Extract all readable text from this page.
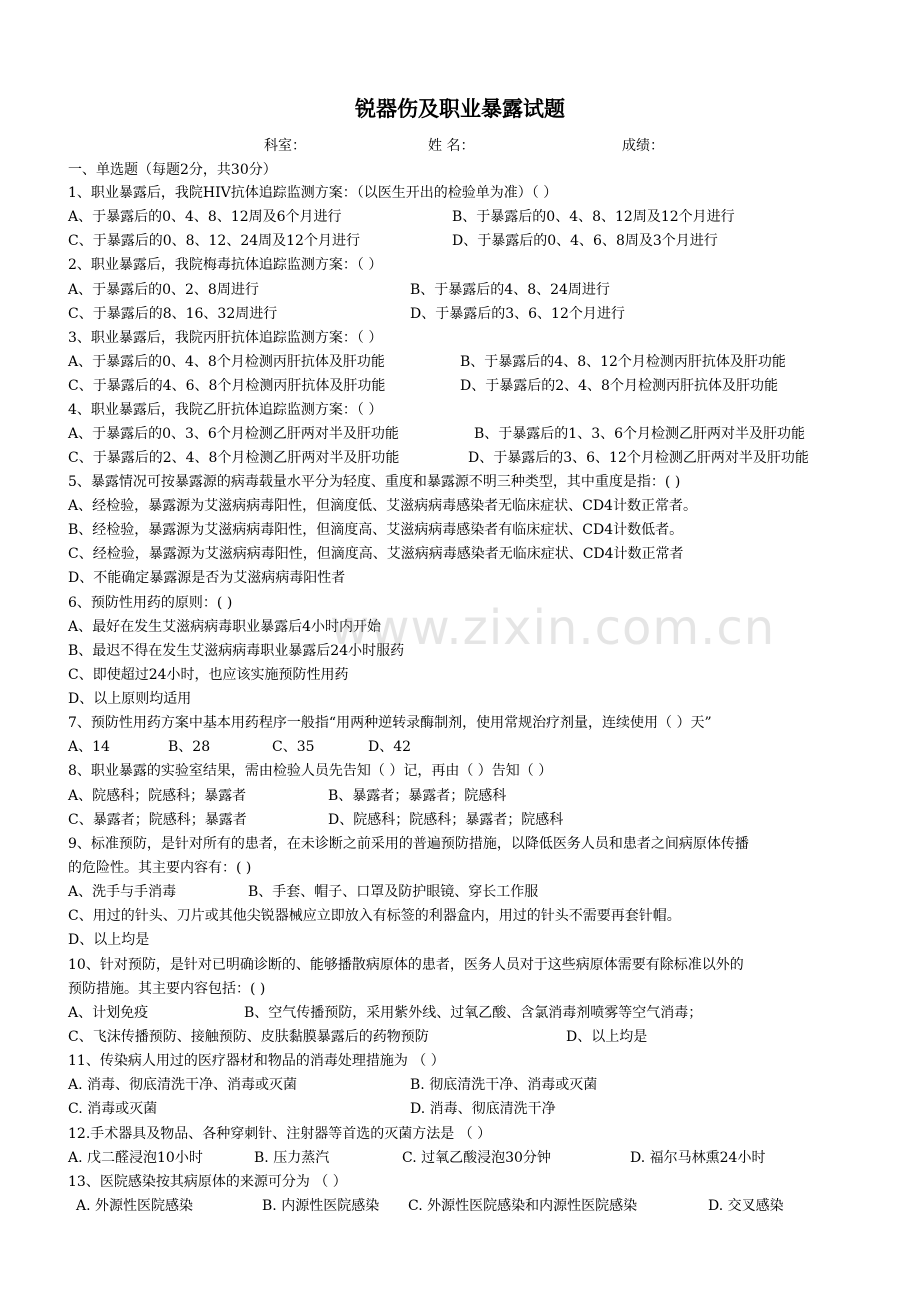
锐器伤及职业暴露试题
科室：	姓 名：	成绩：
一、单选题（每题2分，共30分）
1、职业暴露后，我院HIV抗体追踪监测方案：（以医生开出的检验单为准）（ ）
A、于暴露后的0、4、8、12周及6个月进行	B、于暴露后的0、4、8、12周及12个月进行
C、于暴露后的0、8、12、24周及12个月进行	D、于暴露后的0、4、6、8周及3个月进行
2、职业暴露后，我院梅毒抗体追踪监测方案：（ ）
A、于暴露后的0、2、8周进行	B、于暴露后的4、8、24周进行
C、于暴露后的8、16、32周进行	D、于暴露后的3、6、12个月进行
3、职业暴露后，我院丙肝抗体追踪监测方案：（ ）
A、于暴露后的0、4、8个月检测丙肝抗体及肝功能	B、于暴露后的4、8、12个月检测丙肝抗体及肝功能
C、于暴露后的4、6、8个月检测丙肝抗体及肝功能	D、于暴露后的2、4、8个月检测丙肝抗体及肝功能
4、职业暴露后，我院乙肝抗体追踪监测方案：（ ）
A、于暴露后的0、3、6个月检测乙肝两对半及肝功能	B、于暴露后的1、3、6个月检测乙肝两对半及肝功能
C、于暴露后的2、4、8个月检测乙肝两对半及肝功能	D、于暴露后的3、6、12个月检测乙肝两对半及肝功能
5、暴露情况可按暴露源的病毒载量水平分为轻度、重度和暴露源不明三种类型，其中重度是指：( )
A、经检验，暴露源为艾滋病病毒阳性，但滴度低、艾滋病病毒感染者无临床症状、CD4计数正常者。
B、经检验，暴露源为艾滋病病毒阳性，但滴度高、艾滋病病毒感染者有临床症状、CD4计数低者。
C、经检验，暴露源为艾滋病病毒阳性，但滴度高、艾滋病病毒感染者无临床症状、CD4计数正常者
D、不能确定暴露源是否为艾滋病病毒阳性者
6、预防性用药的原则：( )
A、最好在发生艾滋病病毒职业暴露后4小时内开始
B、最迟不得在发生艾滋病病毒职业暴露后24小时服药
C、即使超过24小时，也应该实施预防性用药
D、以上原则均适用
www.zixin.com.cn
7、预防性用药方案中基本用药程序一般指“用两种逆转录酶制剂，使用常规治疗剂量，连续使用（ ）天”
A、14	B、28	C、35	D、42
8、职业暴露的实验室结果，需由检验人员先告知（ ）记，再由（ ）告知（ ）
A、院感科；院感科；暴露者	B、暴露者；暴露者；院感科
C、暴露者；院感科；暴露者	D、院感科；院感科；暴露者；院感科
9、标准预防，是针对所有的患者，在未诊断之前采用的普遍预防措施，以降低医务人员和患者之间病原体传播
的危险性。其主要内容有：( )
A、洗手与手消毒	B、手套、帽子、口罩及防护眼镜、穿长工作服
C、用过的针头、刀片或其他尖锐器械应立即放入有标签的利器盒内，用过的针头不需要再套针帽。
D、以上均是
10、针对预防，是针对已明确诊断的、能够播散病原体的患者，医务人员对于这些病原体需要有除标准以外的
预防措施。其主要内容包括：( )
A、计划免疫	B、空气传播预防，采用紫外线、过氧乙酸、含氯消毒剂喷雾等空气消毒；
C、飞沫传播预防、接触预防、皮肤黏膜暴露后的药物预防	D、以上均是
11、传染病人用过的医疗器材和物品的消毒处理措施为 （ ）
A. 消毒、彻底清洗干净、消毒或灭菌	B. 彻底清洗干净、消毒或灭菌
C. 消毒或灭菌	D. 消毒、彻底清洗干净
12.手术器具及物品、各种穿刺针、注射器等首选的灭菌方法是 （ ）
A. 戊二醛浸泡10小时	B. 压力蒸汽	C. 过氧乙酸浸泡30分钟	D. 福尔马林熏24小时
13、医院感染按其病原体的来源可分为 （ ）
A. 外源性医院感染	B. 内源性医院感染 C. 外源性医院感染和内源性医院感染	D. 交叉感染
